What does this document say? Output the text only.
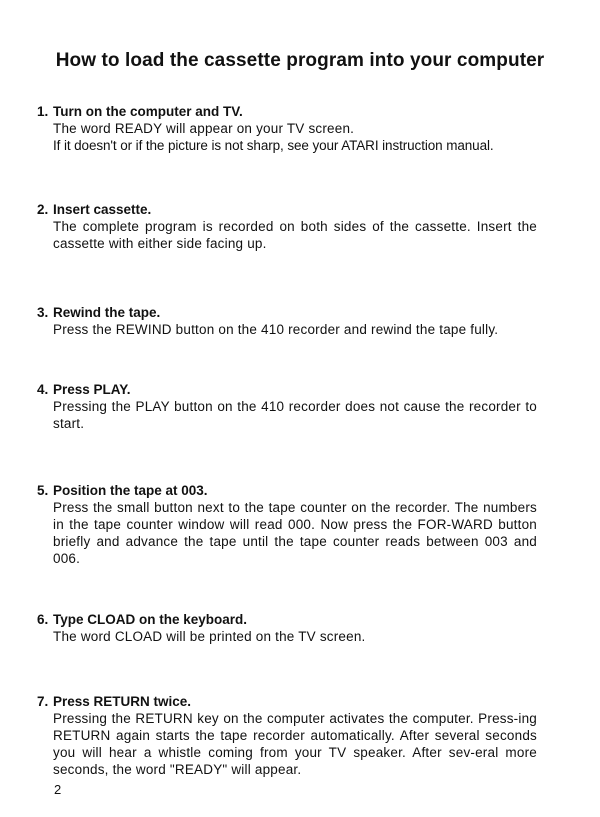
How to load the cassette program into your computer
1. Turn on the computer and TV.
The word READY will appear on your TV screen.
If it doesn't or if the picture is not sharp, see your ATARI instruction manual.
2. Insert cassette.
The complete program is recorded on both sides of the cassette. Insert the cassette with either side facing up.
3. Rewind the tape.
Press the REWIND button on the 410 recorder and rewind the tape fully.
4. Press PLAY.
Pressing the PLAY button on the 410 recorder does not cause the recorder to start.
5. Position the tape at 003.
Press the small button next to the tape counter on the recorder. The numbers in the tape counter window will read 000. Now press the FOR-WARD button briefly and advance the tape until the tape counter reads between 003 and 006.
6. Type CLOAD on the keyboard.
The word CLOAD will be printed on the TV screen.
7. Press RETURN twice.
Pressing the RETURN key on the computer activates the computer. Press-ing RETURN again starts the tape recorder automatically. After several seconds you will hear a whistle coming from your TV speaker. After sev-eral more seconds, the word "READY" will appear.
2
